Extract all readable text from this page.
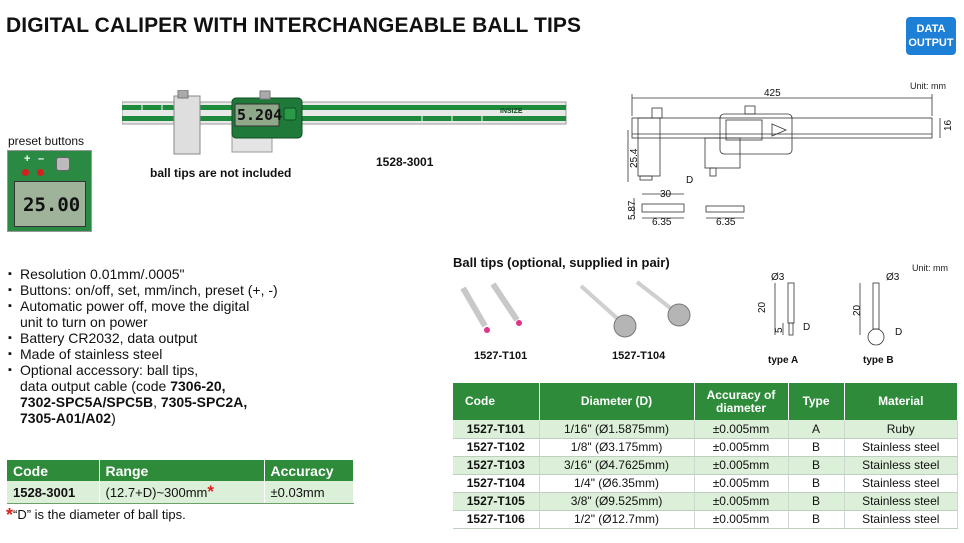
DIGITAL CALIPER WITH INTERCHANGEABLE BALL TIPS	DATA
OUTPUT
5.204	INSIZE
ball tips are not included
1528-3001
preset buttons
+ –
25.00
Unit: mm
425
16
25.4
D
30
5.87
6.35	6.35
▪ Resolution 0.01mm/.0005"
▪ Buttons: on/off, set, mm/inch, preset (+, -)
▪ Automatic power off, move the digital
unit to turn on power
▪ Battery CR2032, data output
▪ Made of stainless steel
▪ Optional accessory: ball tips,
data output cable (code 7306-20,
7302-SPC5A/SPC5B, 7305-SPC2A,
7305-A01/A02)
Code	Range	Accuracy
1528-3001	(12.7+D)~300mm*	±0.03mm
*“D” is the diameter of ball tips.
Ball tips (optional, supplied in pair)	Unit: mm
1527-T101	1527-T104
Ø3
20
5 D
type A
Ø3
20
D
type B
Code	Diameter (D)	Accuracy of diameter	Type	Material
1527-T101	1/16" (Ø1.5875mm)	±0.005mm	A	Ruby
1527-T102	1/8" (Ø3.175mm)	±0.005mm	B	Stainless steel
1527-T103	3/16" (Ø4.7625mm)	±0.005mm	B	Stainless steel
1527-T104	1/4" (Ø6.35mm)	±0.005mm	B	Stainless steel
1527-T105	3/8" (Ø9.525mm)	±0.005mm	B	Stainless steel
1527-T106	1/2" (Ø12.7mm)	±0.005mm	B	Stainless steel
